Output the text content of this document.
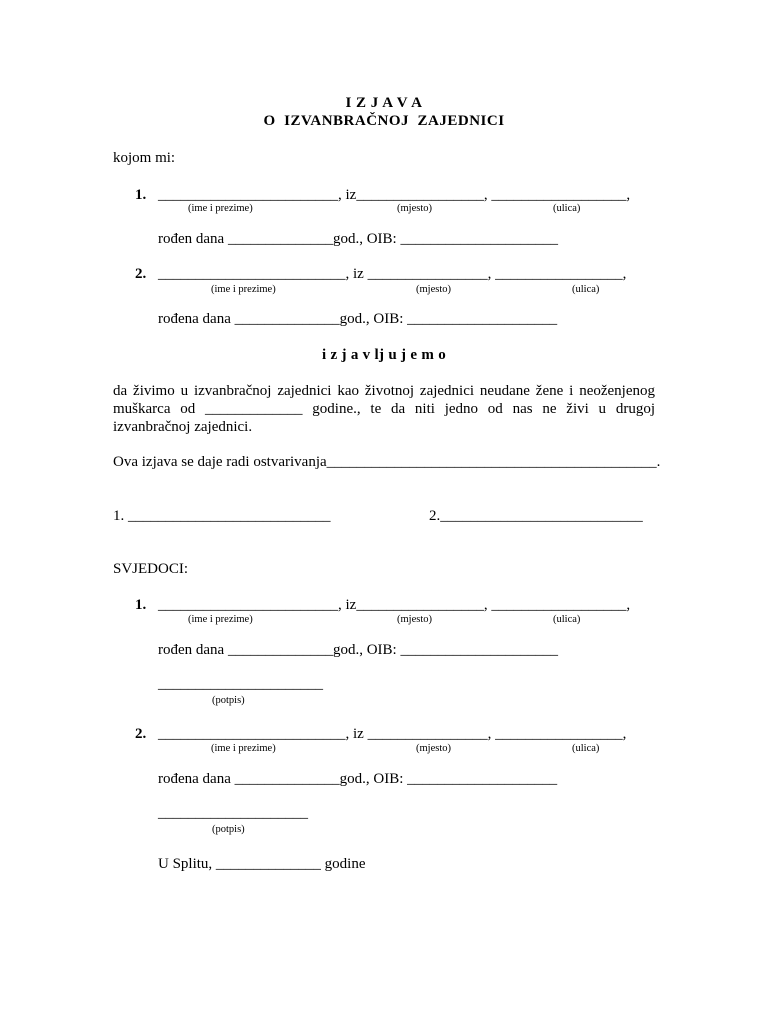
I Z J A V A
O  IZVANBRAČNOJ  ZAJEDNICI
kojom mi:
1. ________________________, iz_________________, __________________,
(ime i prezime)	(mjesto)	(ulica)
rođen dana ______________god., OIB: _____________________
2. _________________________, iz ________________, _________________,
(ime i prezime)	(mjesto)	(ulica)
rođena dana ______________god., OIB: ____________________
i z j a v lj u j e m o
da živimo u izvanbračnoj zajednici kao životnoj zajednici neudane žene i neoženjenog muškarca od _____________ godine., te da niti jedno od nas ne živi u drugoj izvanbračnoj zajednici.
Ova izjava se daje radi ostvarivanja____________________________________________.
1. ___________________________	2.___________________________
SVJEDOCI:
1. ________________________, iz_________________, __________________,
(ime i prezime)	(mjesto)	(ulica)
rođen dana ______________god., OIB: _____________________
______________________
(potpis)
2. _________________________, iz ________________, _________________,
(ime i prezime)	(mjesto)	(ulica)
rođena dana ______________god., OIB: ____________________
____________________
(potpis)
U Splitu, ______________ godine
